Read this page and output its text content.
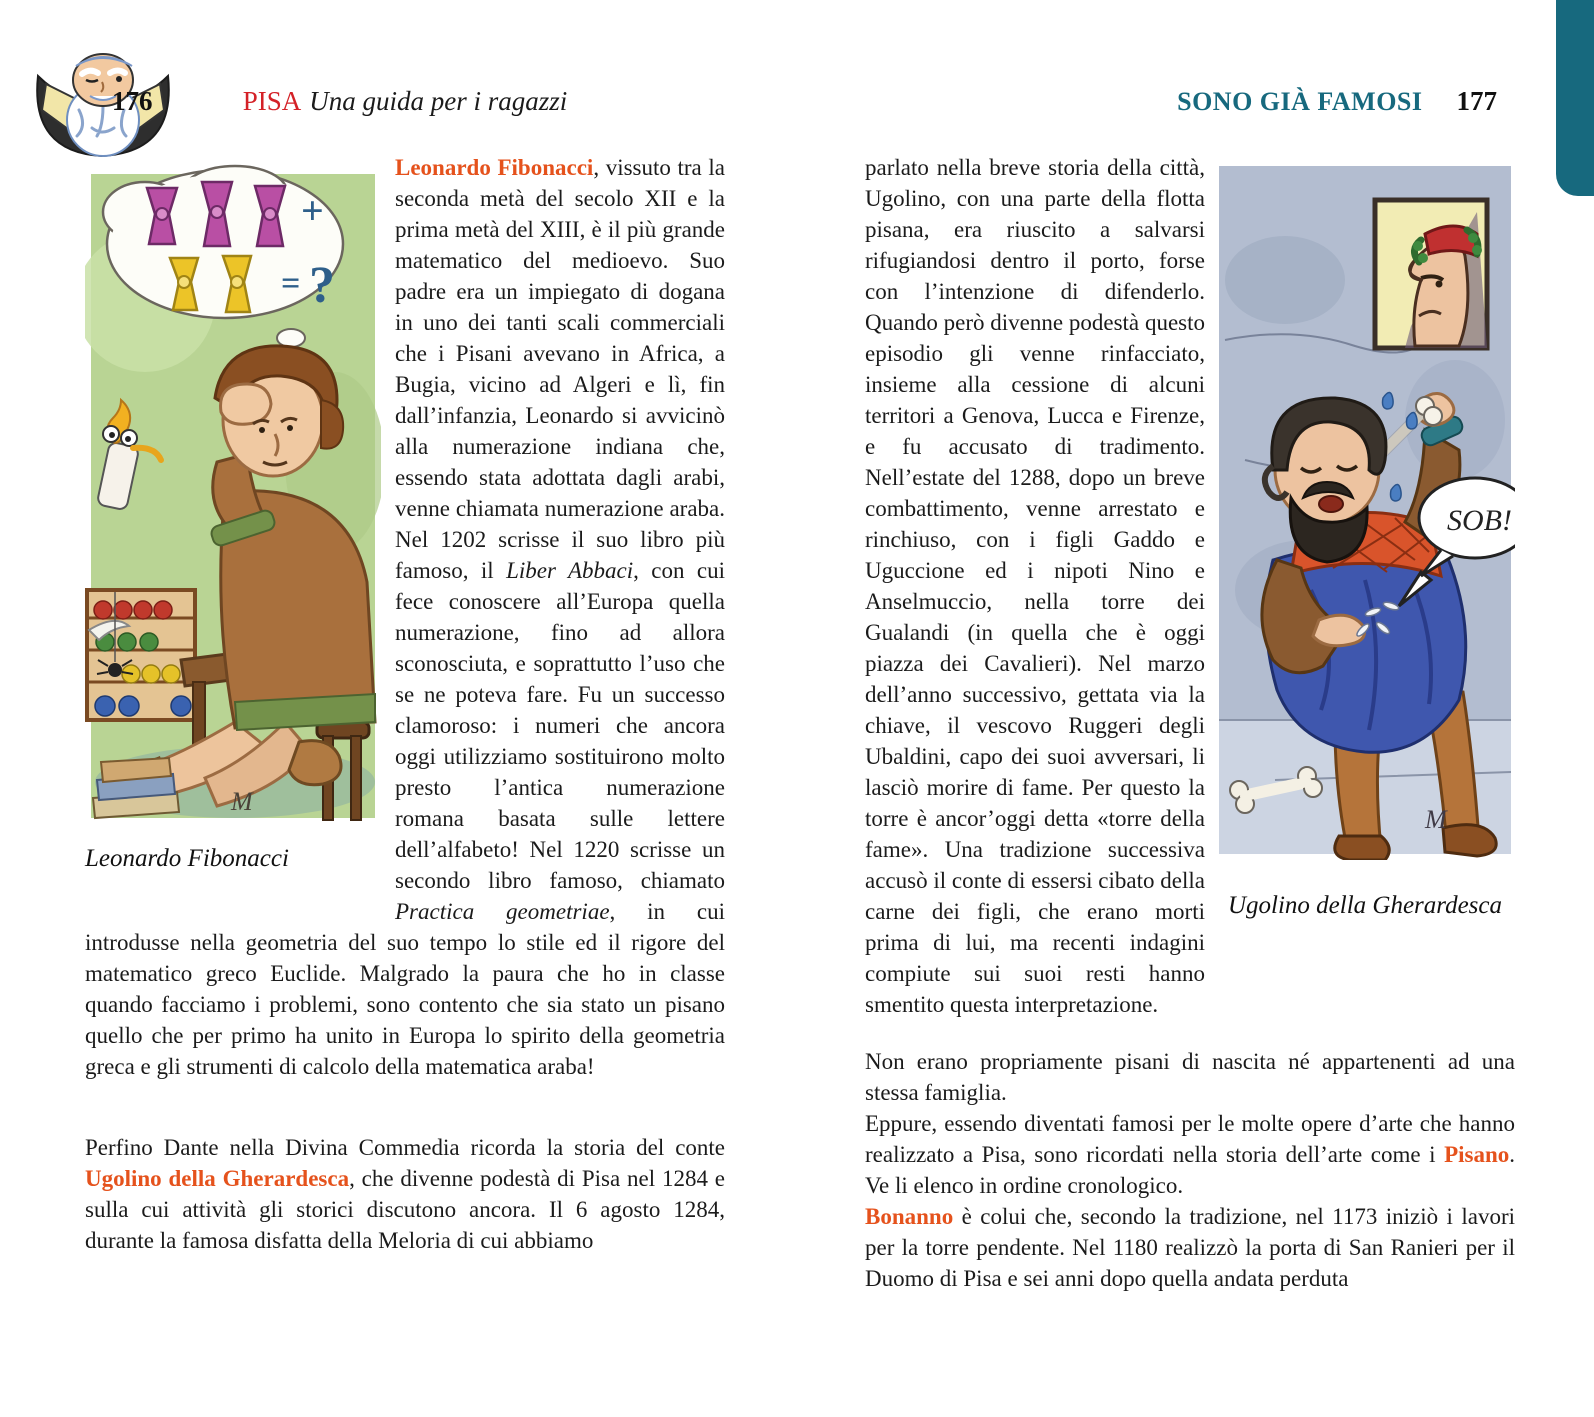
176	PISA Una guida per i ragazzi	SONO GIÀ FAMOSI 177
+
= ?
M
Leonardo Fibonacci

Leonardo Fibonacci, vissuto tra la seconda metà del secolo XII e la prima metà del XIII, è il più grande matematico del medioevo. Suo padre era un impiegato di dogana in uno dei tanti scali commerciali che i Pisani avevano in Africa, a Bugia, vicino ad Algeri e lì, fin dall’infanzia, Leonardo si avvicinò alla numerazione indiana che, essendo stata adottata dagli arabi, venne chiamata numerazione araba. Nel 1202 scrisse il suo libro più famoso, il Liber Abbaci, con cui fece conoscere all’Europa quella numerazione, fino ad allora sconosciuta, e soprattutto l’uso che se ne poteva fare. Fu un successo clamoroso: i numeri che ancora oggi utilizziamo sostituirono molto presto l’antica numerazione romana basata sulle lettere dell’alfabeto! Nel 1220 scrisse un secondo libro famoso, chiamato Practica geometriae, in cui introdusse nella geometria del suo tempo lo stile ed il rigore del matematico greco Euclide. Malgrado la paura che ho in classe quando facciamo i problemi, sono contento che sia stato un pisano quello che per primo ha unito in Europa lo spirito della geometria greca e gli strumenti di calcolo della matematica araba!

Perfino Dante nella Divina Commedia ricorda la storia del conte Ugolino della Gherardesca, che divenne podestà di Pisa nel 1284 e sulla cui attività gli storici discutono ancora. Il 6 agosto 1284, durante la famosa disfatta della Meloria di cui abbiamo

SOB!
M
Ugolino della Gherardesca

parlato nella breve storia della città, Ugolino, con una parte della flotta pisana, era riuscito a salvarsi rifugiandosi dentro il porto, forse con l’intenzione di difenderlo. Quando però divenne podestà questo episodio gli venne rinfacciato, insieme alla cessione di alcuni territori a Genova, Lucca e Firenze, e fu accusato di tradimento. Nell’estate del 1288, dopo un breve combattimento, venne arrestato e rinchiuso, con i figli Gaddo e Uguccione ed i nipoti Nino e Anselmuccio, nella torre dei Gualandi (in quella che è oggi piazza dei Cavalieri). Nel marzo dell’anno successivo, gettata via la chiave, il vescovo Ruggeri degli Ubaldini, capo dei suoi avversari, li lasciò morire di fame. Per questo la torre è ancor’oggi detta «torre della fame». Una tradizione successiva accusò il conte di essersi cibato della carne dei figli, che erano morti prima di lui, ma recenti indagini compiute sui suoi resti hanno smentito questa interpretazione.

Non erano propriamente pisani di nascita né appartenenti ad una stessa famiglia.

Eppure, essendo diventati famosi per le molte opere d’arte che hanno realizzato a Pisa, sono ricordati nella storia dell’arte come i Pisano. Ve li elenco in ordine cronologico.

Bonanno è colui che, secondo la tradizione, nel 1173 iniziò i lavori per la torre pendente. Nel 1180 realizzò la porta di San Ranieri per il Duomo di Pisa e sei anni dopo quella andata perduta
